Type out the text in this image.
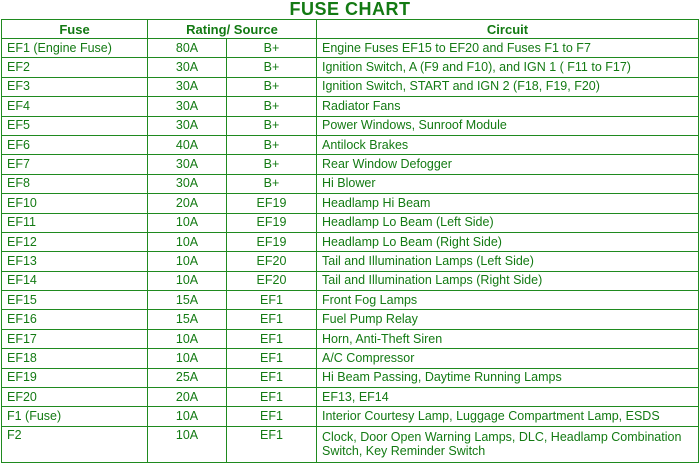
FUSE CHART
Fuse	Rating/ Source		Circuit
EF1 (Engine Fuse)	80A	B+	Engine Fuses EF15 to EF20 and Fuses F1 to F7
EF2	30A	B+	Ignition Switch, A (F9 and F10), and IGN 1 ( F11 to F17)
EF3	30A	B+	Ignition Switch, START and IGN 2 (F18, F19, F20)
EF4	30A	B+	Radiator Fans
EF5	30A	B+	Power Windows, Sunroof Module
EF6	40A	B+	Antilock Brakes
EF7	30A	B+	Rear Window Defogger
EF8	30A	B+	Hi Blower
EF10	20A	EF19	Headlamp Hi Beam
EF11	10A	EF19	Headlamp Lo Beam (Left Side)
EF12	10A	EF19	Headlamp Lo Beam (Right Side)
EF13	10A	EF20	Tail and Illumination Lamps (Left Side)
EF14	10A	EF20	Tail and Illumination Lamps (Right Side)
EF15	15A	EF1	Front Fog Lamps
EF16	15A	EF1	Fuel Pump Relay
EF17	10A	EF1	Horn, Anti-Theft Siren
EF18	10A	EF1	A/C Compressor
EF19	25A	EF1	Hi Beam Passing, Daytime Running Lamps
EF20	20A	EF1	EF13, EF14
F1 (Fuse)	10A	EF1	Interior Courtesy Lamp, Luggage Compartment Lamp, ESDS
F2	10A	EF1	Clock, Door Open Warning Lamps, DLC, Headlamp Combination Switch, Key Reminder Switch
